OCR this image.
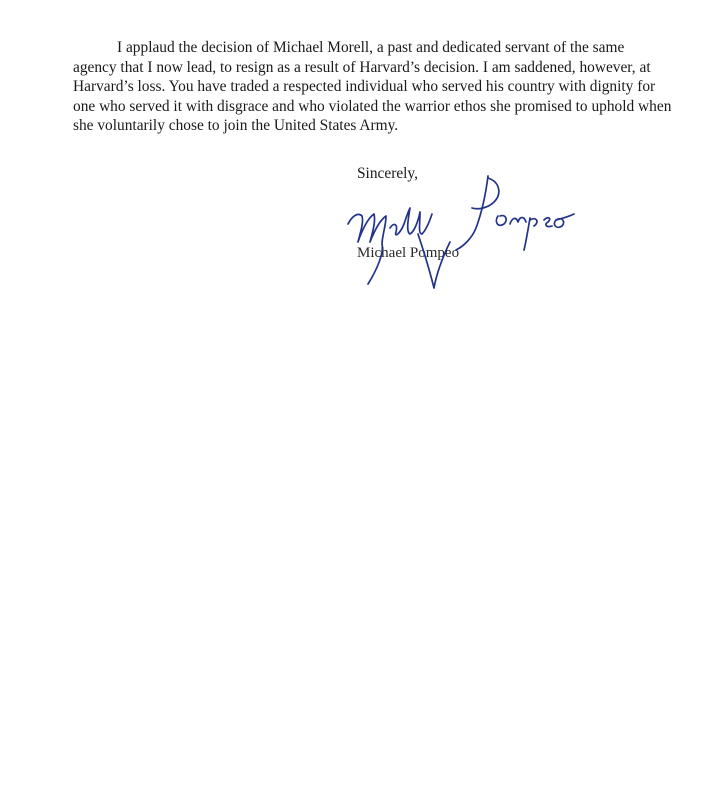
I applaud the decision of Michael Morell, a past and dedicated servant of the same
agency that I now lead, to resign as a result of Harvard’s decision. I am saddened, however, at
Harvard’s loss. You have traded a respected individual who served his country with dignity for
one who served it with disgrace and who violated the warrior ethos she promised to uphold when
she voluntarily chose to join the United States Army.

Sincerely,

Michael Pompeo
